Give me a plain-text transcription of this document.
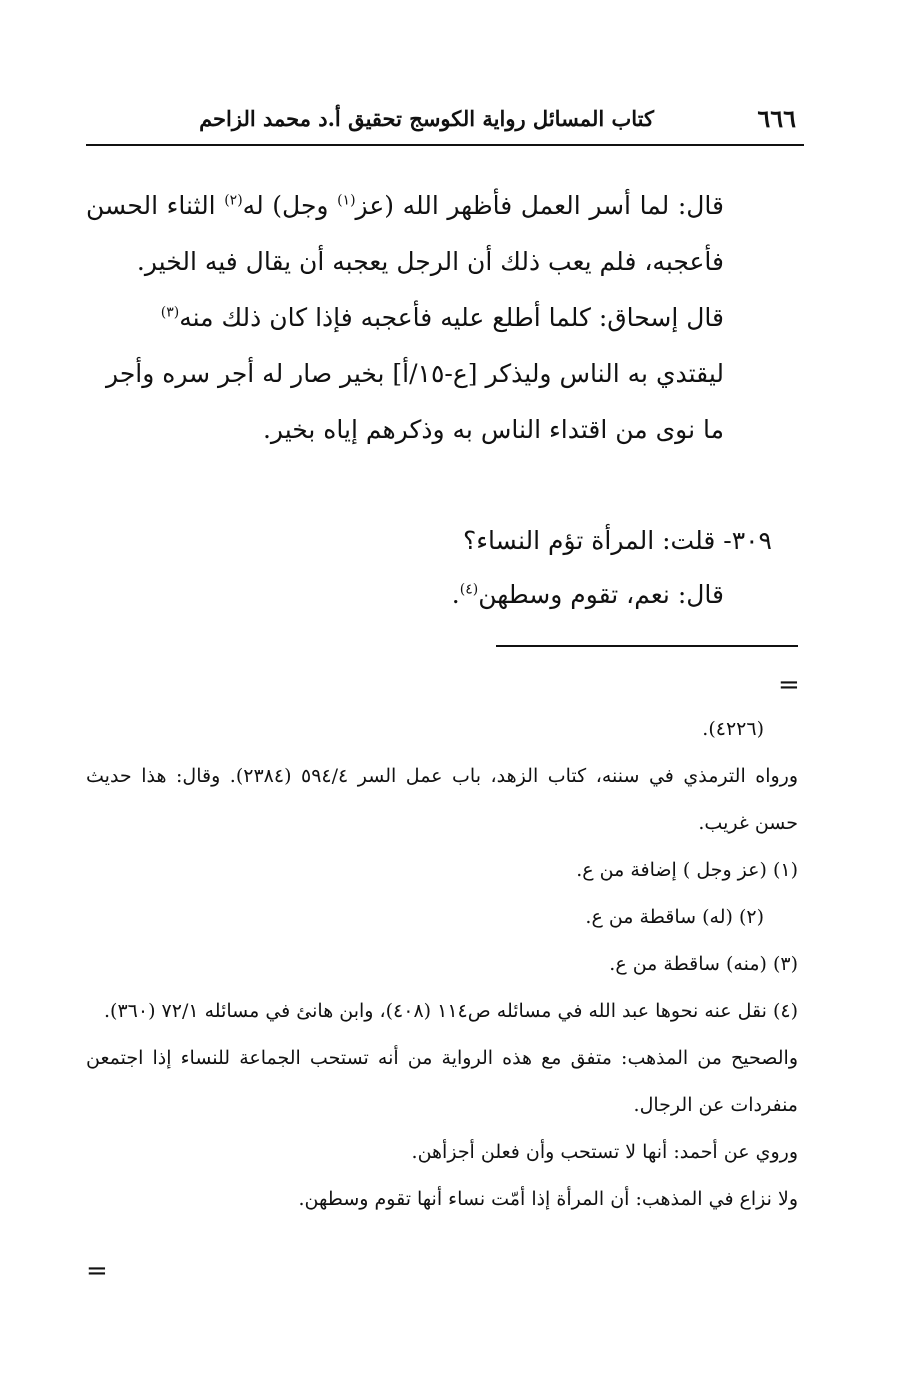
٦٦٦
كتاب المسائل رواية الكوسج تحقيق أ.د محمد الزاحم

قال: لما أسر العمل فأظهر الله (عز$^{(١)}$ وجل) له$^{(٢)}$ الثناء الحسن فأعجبه، فلم يعب ذلك أن الرجل يعجبه أن يقال فيه الخير.

قال إسحاق: كلما أطلع عليه فأعجبه فإذا كان ذلك منه$^{(٣)}$ ليقتدي به الناس وليذكر [ع-١٥/أ] بخير صار له أجر سره وأجر ما نوى من اقتداء الناس به وذكرهم إياه بخير.

٣٠٩- قلت: المرأة تؤم النساء؟

قال: نعم، تقوم وسطهن$^{(٤)}$.

=

(٤٢٢٦).

ورواه الترمذي في سننه، كتاب الزهد، باب عمل السر ٥٩٤/٤ (٢٣٨٤). وقال: هذا حديث حسن غريب.

(١) (عز وجل ) إضافة من ع.

(٢) (له) ساقطة من ع.

(٣) (منه) ساقطة من ع.

(٤) نقل عنه نحوها عبد الله في مسائله ص١١٤ (٤٠٨)، وابن هانئ في مسائله ٧٢/١ (٣٦٠).

والصحيح من المذهب: متفق مع هذه الرواية من أنه تستحب الجماعة للنساء إذا اجتمعن منفردات عن الرجال.

وروي عن أحمد: أنها لا تستحب وأن فعلن أجزأهن.

ولا نزاع في المذهب: أن المرأة إذا أمّت نساء أنها تقوم وسطهن.

=
